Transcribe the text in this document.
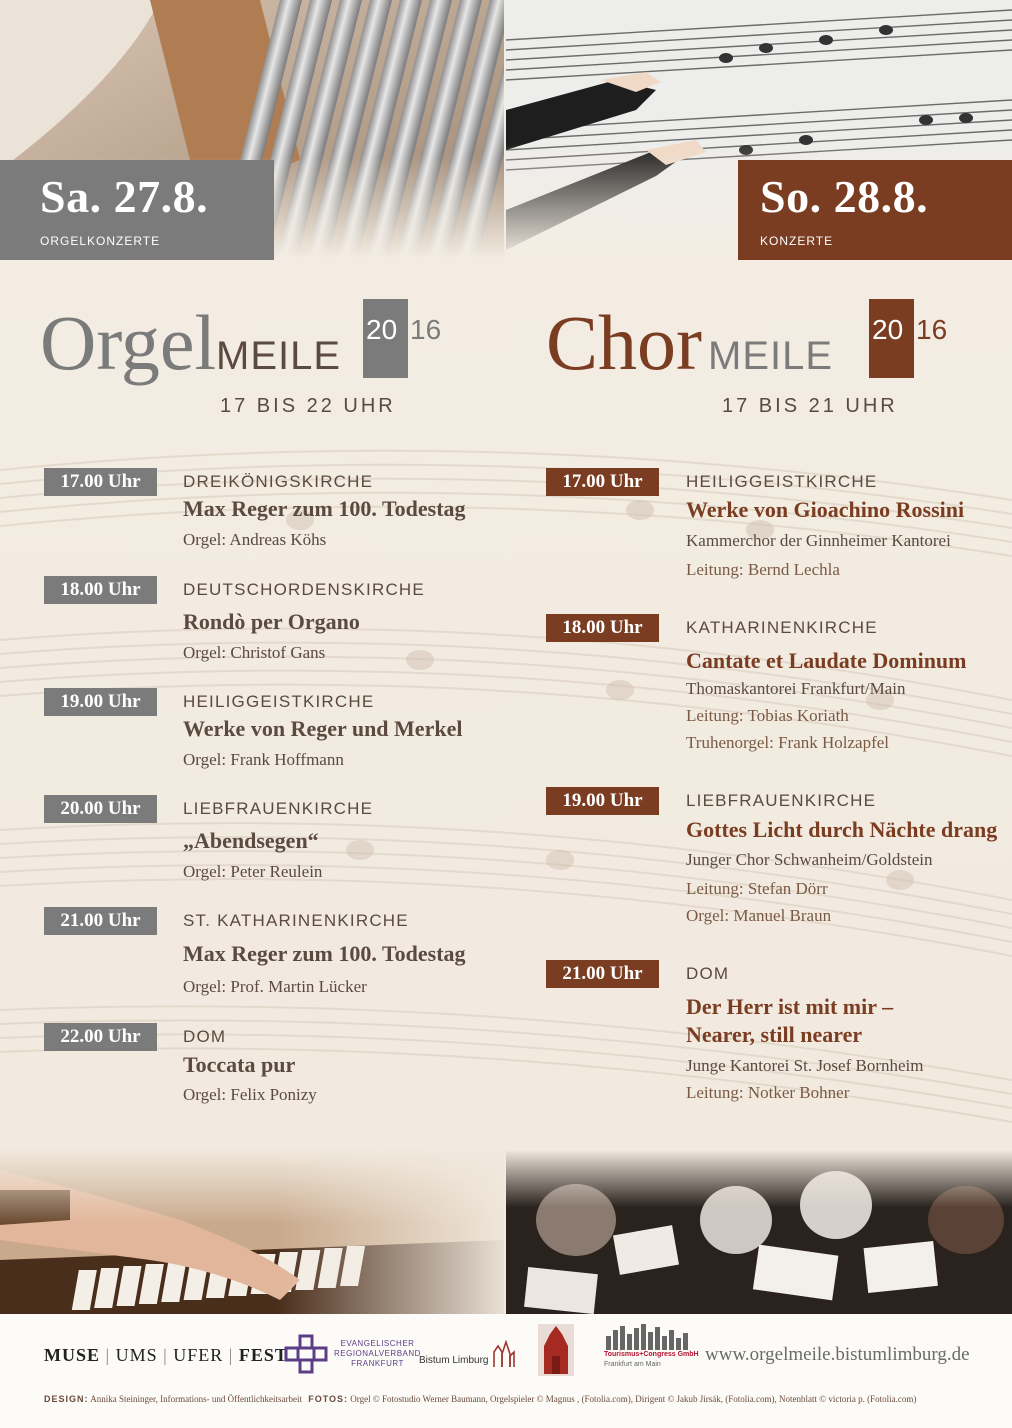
Sa. 27.8.
ORGELKONZERTE
So. 28.8.
KONZERTE
Orgel MEILE
20 16
17 BIS 22 UHR
Chor MEILE
20 16
17 BIS 21 UHR
17.00 Uhr	DREIKÖNIGSKIRCHE
Max Reger zum 100. Todestag
Orgel: Andreas Köhs
18.00 Uhr	DEUTSCHORDENSKIRCHE
Rondò per Organo
Orgel: Christof Gans
19.00 Uhr	HEILIGGEISTKIRCHE
Werke von Reger und Merkel
Orgel: Frank Hoffmann
20.00 Uhr	LIEBFRAUENKIRCHE
„Abendsegen“
Orgel: Peter Reulein
21.00 Uhr	ST. KATHARINENKIRCHE
Max Reger zum 100. Todestag
Orgel: Prof. Martin Lücker
22.00 Uhr	DOM
Toccata pur
Orgel: Felix Ponizy
17.00 Uhr	HEILIGGEISTKIRCHE
Werke von Gioachino Rossini
Kammerchor der Ginnheimer Kantorei
Leitung: Bernd Lechla
18.00 Uhr	KATHARINENKIRCHE
Cantate et Laudate Dominum
Thomaskantorei Frankfurt/Main
Leitung: Tobias Koriath
Truhenorgel: Frank Holzapfel
19.00 Uhr	LIEBFRAUENKIRCHE
Gottes Licht durch Nächte drang
Junger Chor Schwanheim/Goldstein
Leitung: Stefan Dörr
Orgel: Manuel Braun
21.00 Uhr	DOM
Der Herr ist mit mir –
Nearer, still nearer
Junge Kantorei St. Josef Bornheim
Leitung: Notker Bohner
MUSE | UMS | UFER | FEST
EVANGELISCHER
REGIONALVERBAND
FRANKFURT	Bistum Limburg
Tourismus+Congress GmbH
Frankfurt am Main www.orgelmeile.bistumlimburg.de
DESIGN: Annika Steininger, Informations- und Öffentlichkeitsarbeit FOTOS: Orgel © Fotostudio Werner Baumann, Orgelspieler © Magnus , (Fotolia.com), Dirigent © Jakub Jirsák, (Fotolia.com), Notenblatt © victoria p. (Fotolia.com)
